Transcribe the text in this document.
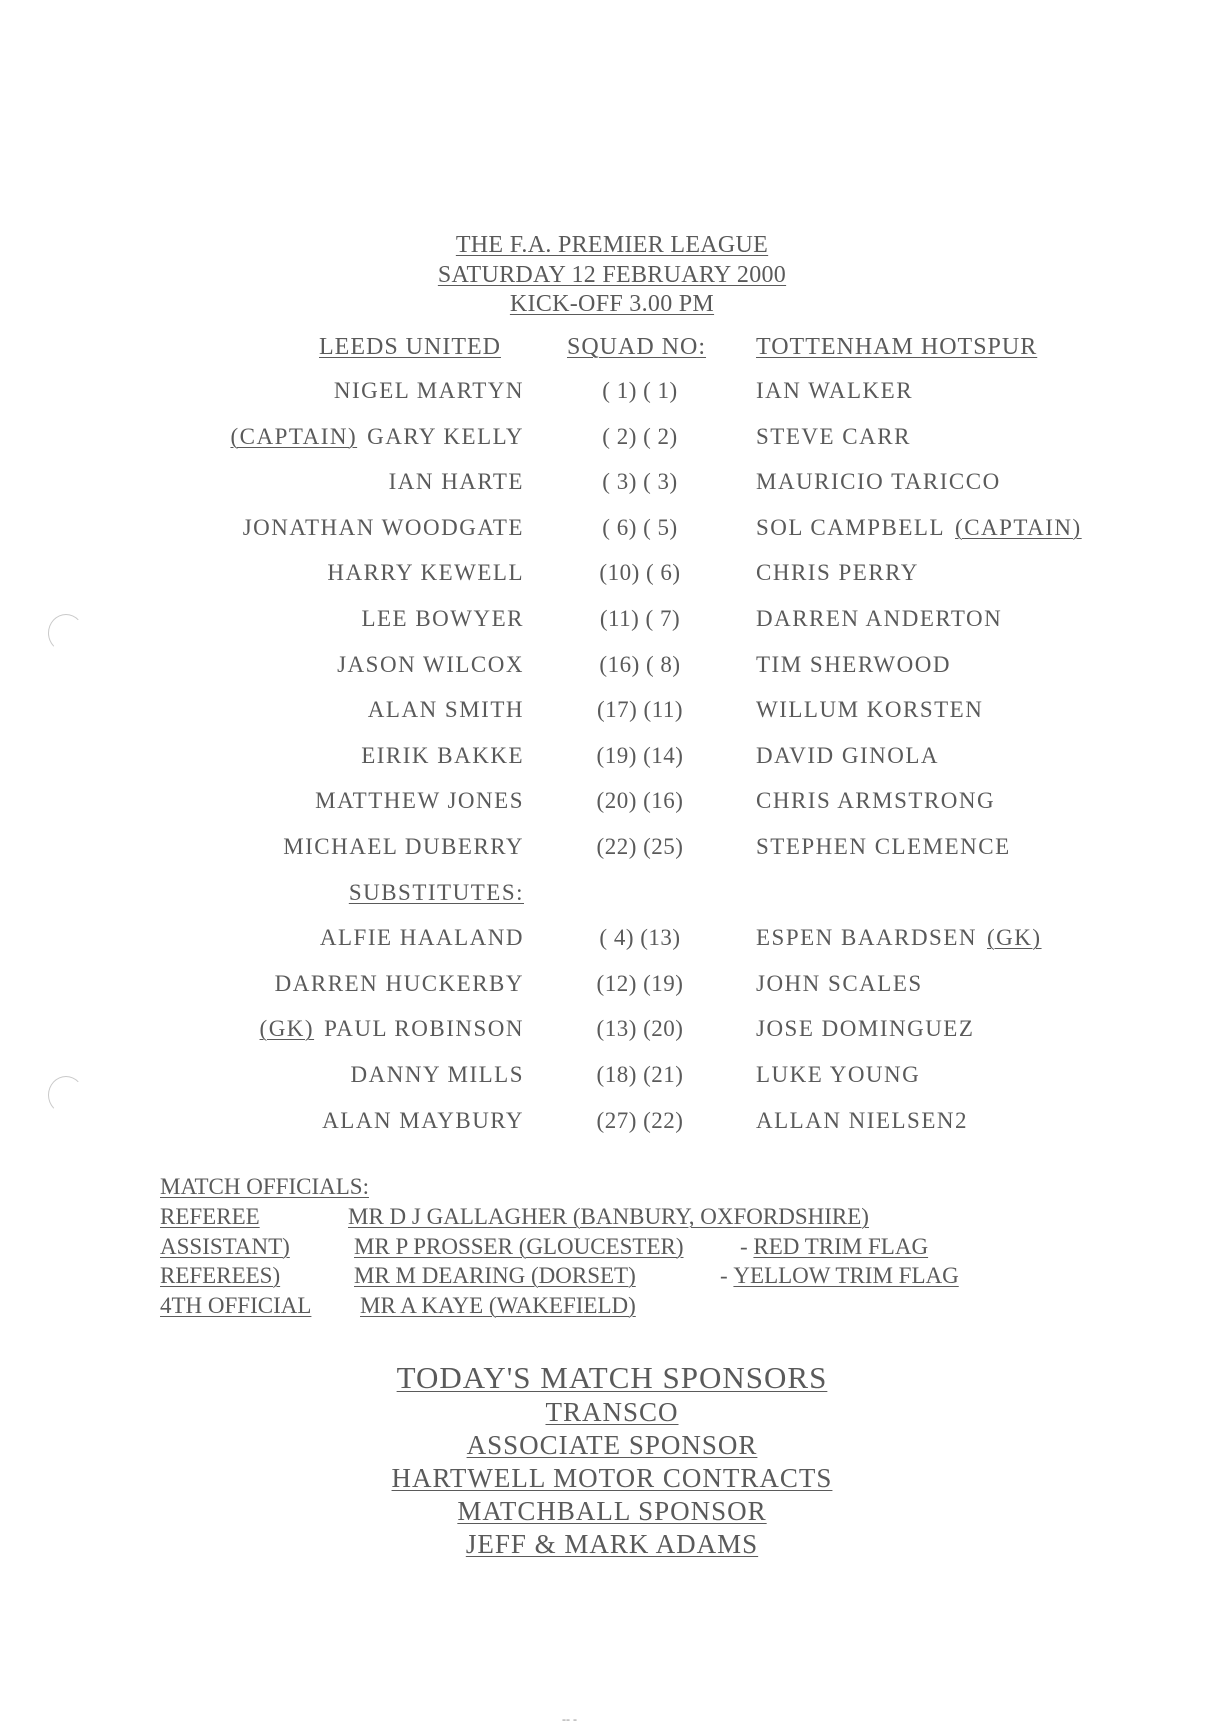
THE F.A. PREMIER LEAGUE
SATURDAY 12 FEBRUARY 2000
KICK-OFF 3.00 PM
LEEDS UNITED	SQUAD NO: TOTTENHAM HOTSPUR
NIGEL MARTYN	( 1) ( 1)	IAN WALKER
(CAPTAIN) GARY KELLY	( 2) ( 2)	STEVE CARR
IAN HARTE	( 3) ( 3)	MAURICIO TARICCO
JONATHAN WOODGATE	( 6) ( 5)	SOL CAMPBELL (CAPTAIN)
HARRY KEWELL	(10) ( 6)	CHRIS PERRY
LEE BOWYER	(11) ( 7)	DARREN ANDERTON
JASON WILCOX	(16) ( 8)	TIM SHERWOOD
ALAN SMITH	(17) (11)	WILLUM KORSTEN
EIRIK BAKKE	(19) (14)	DAVID GINOLA
MATTHEW JONES	(20) (16)	CHRIS ARMSTRONG
MICHAEL DUBERRY	(22) (25)	STEPHEN CLEMENCE
SUBSTITUTES:
ALFIE HAALAND	( 4) (13)	ESPEN BAARDSEN (GK)
DARREN HUCKERBY	(12) (19)	JOHN SCALES
(GK) PAUL ROBINSON	(13) (20)	JOSE DOMINGUEZ
DANNY MILLS	(18) (21)	LUKE YOUNG
ALAN MAYBURY	(27) (22)	ALLAN NIELSEN2
MATCH OFFICIALS:
REFEREE	MR D J GALLAGHER (BANBURY, OXFORDSHIRE)
ASSISTANT)	MR P PROSSER (GLOUCESTER) - RED TRIM FLAG
REFEREES)	MR M DEARING (DORSET)	- YELLOW TRIM FLAG
4TH OFFICIAL MR A KAYE (WAKEFIELD)
TODAY'S MATCH SPONSORS
TRANSCO
ASSOCIATE SPONSOR
HARTWELL MOTOR CONTRACTS
MATCHBALL SPONSOR
JEFF & MARK ADAMS
-- -
